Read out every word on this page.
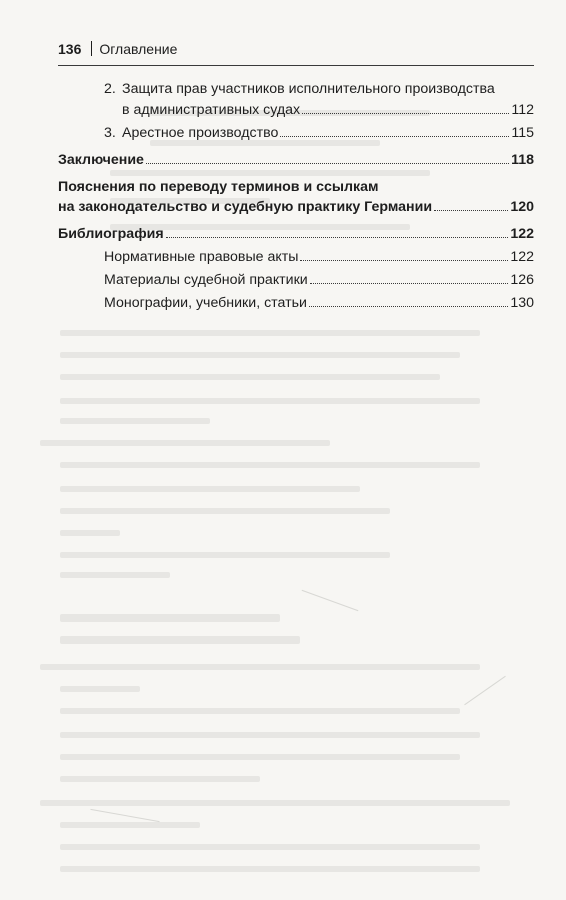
136 Оглавление
2. Защита прав участников исполнительного производства
в административных судах	112
3. Арестное производство	115
Заключение	118
Пояснения по переводу терминов и ссылкам
на законодательство и судебную практику Германии	120
Библиография	122
Нормативные правовые акты	122
Материалы судебной практики	126
Монографии, учебники, статьи	130
